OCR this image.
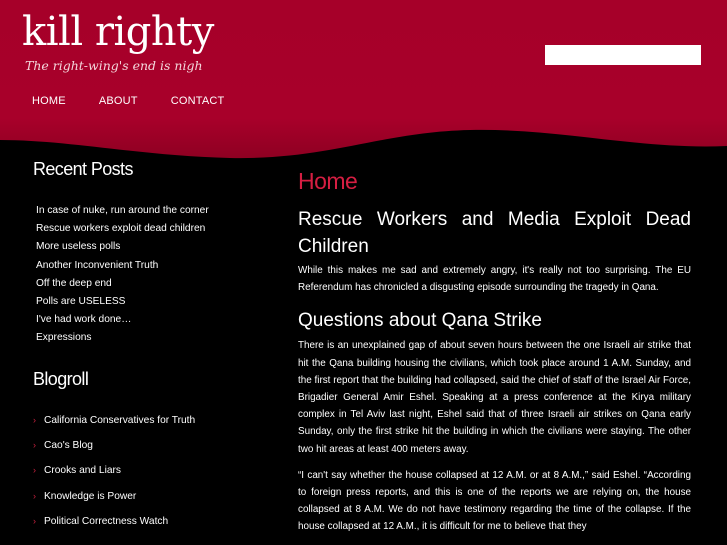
kill righty

The right-wing's end is nigh

HOME	ABOUT	CONTACT
Recent Posts
In case of nuke, run around the corner
Rescue workers exploit dead children
More useless polls
Another Inconvenient Truth
Off the deep end
Polls are USELESS
I've had work done…
Expressions
Blogroll
› California Conservatives for Truth
› Cao's Blog
› Crooks and Liars
› Knowledge is Power
› Political Correctness Watch
Home
Rescue Workers and Media Exploit Dead Children

While this makes me sad and extremely angry, it's really not too surprising. The EU Referendum has chronicled a disgusting episode surrounding the tragedy in Qana.

Questions about Qana Strike

There is an unexplained gap of about seven hours between the one Israeli air strike that hit the Qana building housing the civilians, which took place around 1 A.M. Sunday, and the first report that the building had collapsed, said the chief of staff of the Israel Air Force, Brigadier General Amir Eshel. Speaking at a press conference at the Kirya military complex in Tel Aviv last night, Eshel said that of three Israeli air strikes on Qana early Sunday, only the first strike hit the building in which the civilians were staying. The other two hit areas at least 400 meters away.

“I can't say whether the house collapsed at 12 A.M. or at 8 A.M.,” said Eshel. “According to foreign press reports, and this is one of the reports we are relying on, the house collapsed at 8 A.M. We do not have testimony regarding the time of the collapse. If the house collapsed at 12 A.M., it is difficult for me to believe that they
